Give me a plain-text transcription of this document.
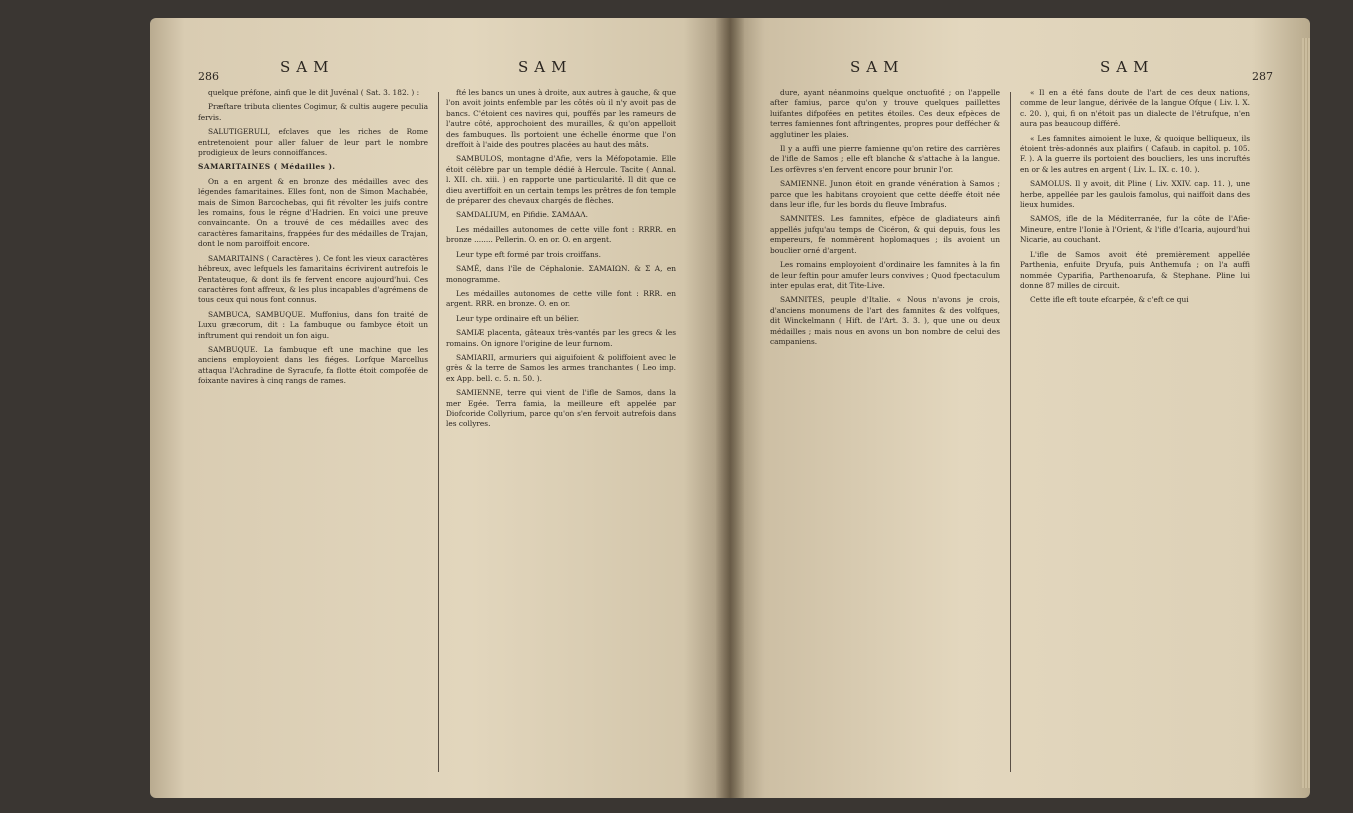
286
SAM	SAM

quelque préfone, ainfi que le dit Juvénal ( Sat. 3. 182. ) :

Præftare tributa clientes Cogimur, & cultis augere peculia fervis.

SALUTIGERULI, efclaves que les riches de Rome entretenoient pour aller faluer de leur part le nombre prodigieux de leurs connoiffances.

SAMARITAINES ( Médailles ).

On a en argent & en bronze des médailles avec des légendes famaritaines. Elles font, non de Simon Machabée, mais de Simon Barcochebas, qui fit révolter les juifs contre les romains, fous le régne d'Hadrien. En voici une preuve convaincante. On a trouvé de ces médailles avec des caractères famaritains, frappées fur des médailles de Trajan, dont le nom paroiffoit encore.

SAMARITAINS ( Caractères ). Ce font les vieux caractères hébreux, avec lefquels les famaritains écrivirent autrefois le Pentateuque, & dont ils fe fervent encore aujourd'hui. Ces caractères font affreux, & les plus incapables d'agrémens de tous ceux qui nous font connus.

SAMBUCA, SAMBUQUE. Muffonius, dans fon traité de Luxu græcorum, dit : La fambuque ou fambyce étoit un inftrument qui rendoit un fon aigu.

SAMBUQUE. La fambuque eft une machine que les anciens employoient dans les fiéges. Lorfque Marcellus attaqua l'Achradine de Syracufe, fa flotte étoit compofée de foixante navires à cinq rangs de rames.

fté les bancs un unes à droite, aux autres à gauche, & que l'on avoit joints enfemble par les côtés où il n'y avoit pas de bancs. C'étoient ces navires qui, pouffés par les rameurs de l'autre côté, approchoient des murailles, & qu'on appelloit des fambuques. Ils portoient une échelle énorme que l'on dreffoit à l'aide des poutres placées au haut des mâts.

SAMBULOS, montagne d'Afie, vers la Méfopotamie. Elle étoit célèbre par un temple dédié à Hercule. Tacite ( Annal. l. XII. ch. xiii. ) en rapporte une particularité. Il dit que ce dieu avertiffoit en un certain temps les prêtres de fon temple de préparer des chevaux chargés de flèches.

SAMDALIUM, en Pifidie. ΣΑΜΔΑΛ.

Les médailles autonomes de cette ville font : RRRR. en bronze ........ Pellerin. O. en or. O. en argent.

Leur type eft formé par trois croiffans.

SAMÉ, dans l'île de Céphalonie. ΣΑΜΑΙΩΝ. & Σ A, en monogramme.

Les médailles autonomes de cette ville font : RRR. en argent. RRR. en bronze. O. en or.

Leur type ordinaire eft un bélier.

SAMIÆ placenta, gâteaux très-vantés par les grecs & les romains. On ignore l'origine de leur furnom.

SAMIARII, armuriers qui aiguifoient & poliffoient avec le grès & la terre de Samos les armes tranchantes ( Leo imp. ex App. bell. c. 5. n. 50. ).

SAMIENNE, terre qui vient de l'ifle de Samos, dans la mer Egée. Terra famia, la meilleure eft appelée par Diofcoride Collyrium, parce qu'on s'en fervoit autrefois dans les collyres.

SAM	SAM
287

dure, ayant néanmoins quelque onctuofité ; on l'appelle after famius, parce qu'on y trouve quelques paillettes luifantes difpofées en petites étoiles. Ces deux efpèces de terres famiennes font aftringentes, propres pour deffécher & agglutiner les plaies.

Il y a auffi une pierre famienne qu'on retire des carrières de l'ifle de Samos ; elle eft blanche & s'attache à la langue. Les orfèvres s'en fervent encore pour brunir l'or.

SAMIENNE. Junon étoit en grande vénération à Samos ; parce que les habitans croyoient que cette déeffe étoit née dans leur ifle, fur les bords du fleuve Imbrafus.

SAMNITES. Les famnites, efpèce de gladiateurs ainfi appellés jufqu'au temps de Cicéron, & qui depuis, fous les empereurs, fe nommèrent hoplomaques ; ils avoient un bouclier orné d'argent.

Les romains employoient d'ordinaire les famnites à la fin de leur feftin pour amufer leurs convives ; Quod fpectaculum inter epulas erat, dit Tite-Live.

SAMNITES, peuple d'Italie. « Nous n'avons je crois, d'anciens monumens de l'art des famnites & des volfques, dit Winckelmann ( Hift. de l'Art. 3. 3. ), que une ou deux médailles ; mais nous en avons un bon nombre de celui des campaniens.

« Il en a été fans doute de l'art de ces deux nations, comme de leur langue, dérivée de la langue Ofque ( Liv. l. X. c. 20. ), qui, fi on n'étoit pas un dialecte de l'étrufque, n'en aura pas beaucoup différé.

« Les famnites aimoient le luxe, & quoique belliqueux, ils étoient très-adonnés aux plaifirs ( Cafaub. in capitol. p. 105. F. ). A la guerre ils portoient des boucliers, les uns incruftés en or & les autres en argent ( Liv. L. IX. c. 10. ).

SAMOLUS. Il y avoit, dit Pline ( Liv. XXIV. cap. 11. ), une herbe, appellée par les gaulois famolus, qui naiffoit dans des lieux humides.

SAMOS, ifle de la Méditerranée, fur la côte de l'Afie-Mineure, entre l'Ionie à l'Orient, & l'ifle d'Icaria, aujourd'hui Nicarie, au couchant.

L'ifle de Samos avoit été premièrement appellée Parthenia, enfuite Dryufa, puis Anthemufa ; on l'a auffi nommée Cyparifia, Parthenoarufa, & Stephane. Pline lui donne 87 milles de circuit.

Cette ifle eft toute efcarpée, & c'eft ce qui
